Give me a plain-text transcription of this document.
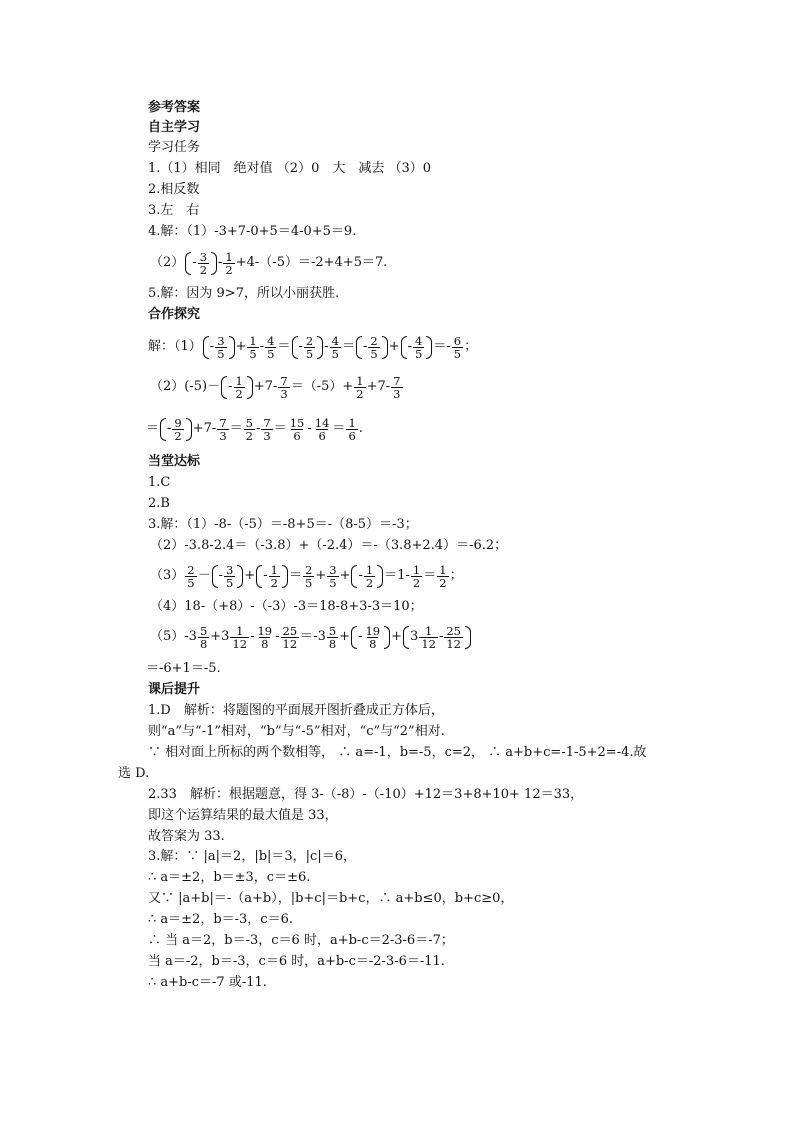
参考答案
自主学习
学习任务
1.（1）相同　绝对值 （2）0　大　减去 （3）0
2.相反数
3.左　右
4.解：（1）-3+7-0+5＝4-0+5＝9.
$(2) - \frac{3}{2} - \frac{1}{2} +4-(-5)=-2+4+5=7$.
5.解：因为 9>7，所以小丽获胜.
合作探究
解：$(1) - \frac{3}{5} + \frac{1}{5} - \frac{4}{5}$ ＝ - $\frac{2}{5} - \frac{4}{5}$ ＝ - $\frac{2}{5}$ + - $\frac{4}{5} =- \frac{6}{5}$ ；
$(2)(-5)- - \frac{1}{2} +7- \frac{7}{3} =(-5)+ \frac{1}{2} +7- \frac{7}{3}$
＝ - $\frac{9}{2} +7- \frac{7}{3} = \frac{5}{2} - \frac{7}{3} = \frac{15}{6} - \frac{14}{6} = \frac{1}{6}$ .
当堂达标
1.C
2.B
3.解：（1）-8-（-5）＝-8+5＝-（8-5）＝-3；
（2）-3.8-2.4＝（-3.8）+（-2.4）＝-（3.8+2.4）＝-6.2；
$(3) \frac{2}{5}$ － - $\frac{3}{5}$ + - $\frac{1}{2} = \frac{2}{5} + \frac{3}{5}$ + - $\frac{1}{2} =1- \frac{1}{2} = \frac{1}{2}$ ；
（4）18-（+8）-（-3）-3＝18-8+3-3＝10；
$(5)-3 \frac{5}{8} +3 \frac{1}{12} - \frac{19}{8} - \frac{25}{12} =-3 \frac{5}{8}$ + - $\frac{19}{8} + 3 \frac{1}{12} - \frac{25}{12}$
＝-6+1＝-5.
课后提升
1.D　解析：将题图的平面展开图折叠成正方体后，
则“a”与“-1”相对，“b”与“-5”相对，“c”与“2”相对.
∵ 相对面上所标的两个数相等， ∴ a=-1，b=-5，c=2， ∴ a+b+c=-1-5+2=-4.故
选 D.
2.33　解析：根据题意，得 3-（-8）-（-10）+12＝3+8+10+ 12＝33，
即这个运算结果的最大值是 33，
故答案为 33.
3.解：∵ |a|＝2，|b|＝3，|c|＝6，
∴ a＝±2，b＝±3，c＝±6.
又∵ |a+b|＝-（a+b），|b+c|＝b+c，∴ a+b≤0，b+c≥0，
∴ a＝±2，b＝-3，c＝6.
∴ 当 a＝2，b＝-3，c＝6 时，a+b-c＝2-3-6＝-7；
当 a＝-2，b＝-3，c＝6 时，a+b-c＝-2-3-6＝-11.
∴ a+b-c＝-7 或-11.
